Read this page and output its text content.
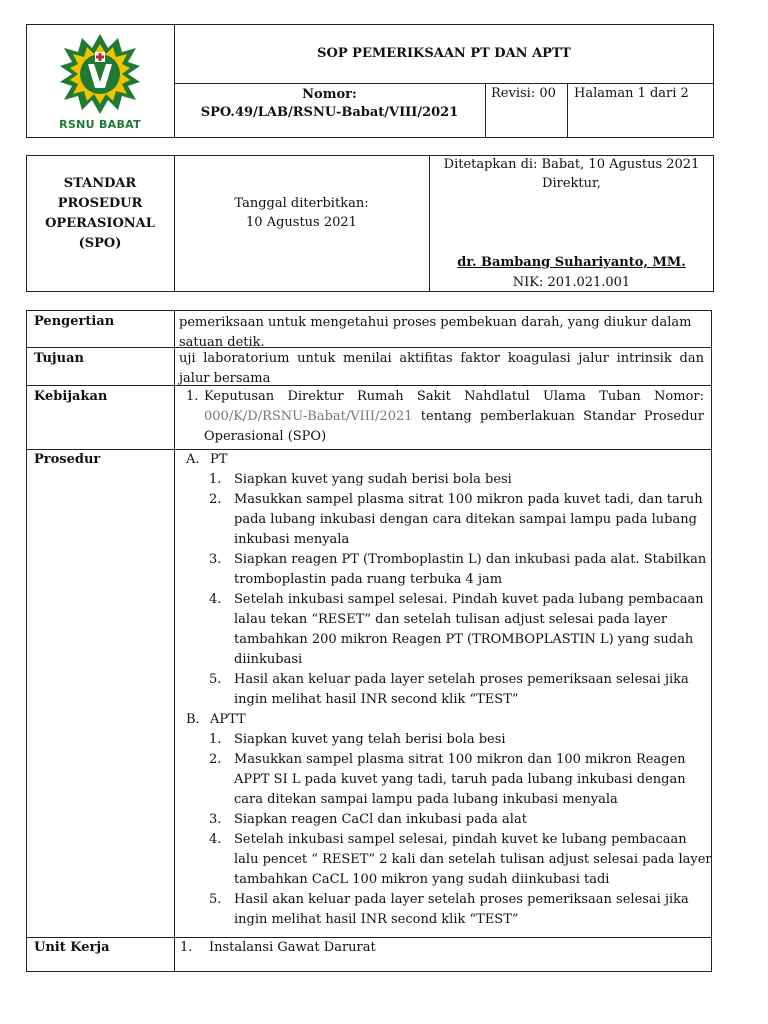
RSNU BABAT
SOP PEMERIKSAAN PT DAN APTT
Nomor:
SPO.49/LAB/RSNU-Babat/VIII/2021
Revisi: 00 Halaman 1 dari 2
STANDAR
PROSEDUR
OPERASIONAL
(SPO)
Tanggal diterbitkan:
10 Agustus 2021
Ditetapkan di: Babat, 10 Agustus 2021
Direktur,
dr. Bambang Suhariyanto, MM.
NIK: 201.021.001
Pengertian	pemeriksaan untuk mengetahui proses pembekuan darah, yang diukur dalam
satuan detik.
Tujuan	uji laboratorium untuk menilai aktifitas faktor koagulasi jalur intrinsik dan
jalur bersama
Kebijakan	1. Keputusan Direktur Rumah Sakit Nahdlatul Ulama Tuban Nomor:
000/K/D/RSNU-Babat/VIII/2021 tentang pemberlakuan Standar Prosedur
Operasional (SPO)
Prosedur	A. PT
1. Siapkan kuvet yang sudah berisi bola besi
2. Masukkan sampel plasma sitrat 100 mikron pada kuvet tadi, dan taruh
pada lubang inkubasi dengan cara ditekan sampai lampu pada lubang
inkubasi menyala
3. Siapkan reagen PT (Tromboplastin L) dan inkubasi pada alat. Stabilkan
tromboplastin pada ruang terbuka 4 jam
4. Setelah inkubasi sampel selesai. Pindah kuvet pada lubang pembacaan
lalau tekan “RESET” dan setelah tulisan adjust selesai pada layer
tambahkan 200 mikron Reagen PT (TROMBOPLASTIN L) yang sudah
diinkubasi
5. Hasil akan keluar pada layer setelah proses pemeriksaan selesai jika
ingin melihat hasil INR second klik “TEST”
B. APTT
1. Siapkan kuvet yang telah berisi bola besi
2. Masukkan sampel plasma sitrat 100 mikron dan 100 mikron Reagen
APPT SI L pada kuvet yang tadi, taruh pada lubang inkubasi dengan
cara ditekan sampai lampu pada lubang inkubasi menyala
3. Siapkan reagen CaCl dan inkubasi pada alat
4. Setelah inkubasi sampel selesai, pindah kuvet ke lubang pembacaan
lalu pencet “ RESET” 2 kali dan setelah tulisan adjust selesai pada layer
tambahkan CaCL 100 mikron yang sudah diinkubasi tadi
5. Hasil akan keluar pada layer setelah proses pemeriksaan selesai jika
ingin melihat hasil INR second klik “TEST”
Unit Kerja	1. Instalansi Gawat Darurat
